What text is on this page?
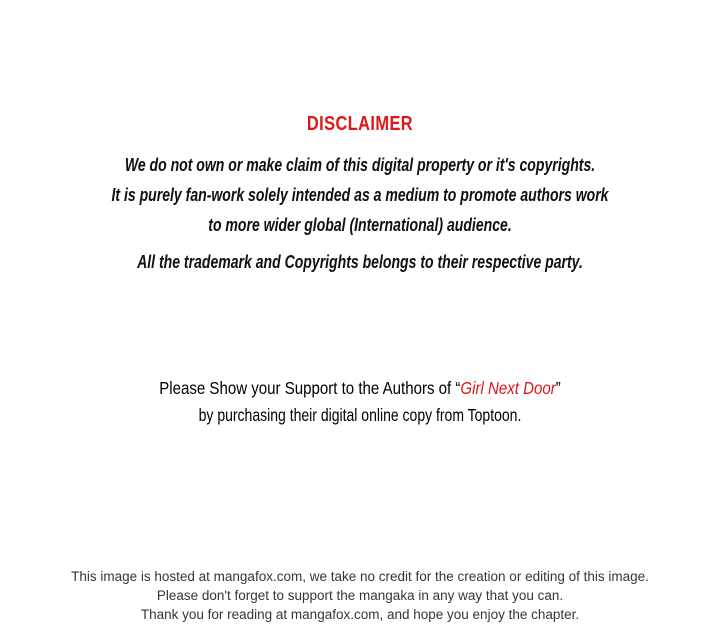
DISCLAIMER
We do not own or make claim of this digital property or it's copyrights.
It is purely fan-work solely intended as a medium to promote authors work
to more wider global (International) audience.
All the trademark and Copyrights belongs to their respective party.
Please Show your Support to the Authors of “Girl Next Door”
by purchasing their digital online copy from Toptoon.
This image is hosted at mangafox.com, we take no credit for the creation or editing of this image.
Please don't forget to support the mangaka in any way that you can.
Thank you for reading at mangafox.com, and hope you enjoy the chapter.
